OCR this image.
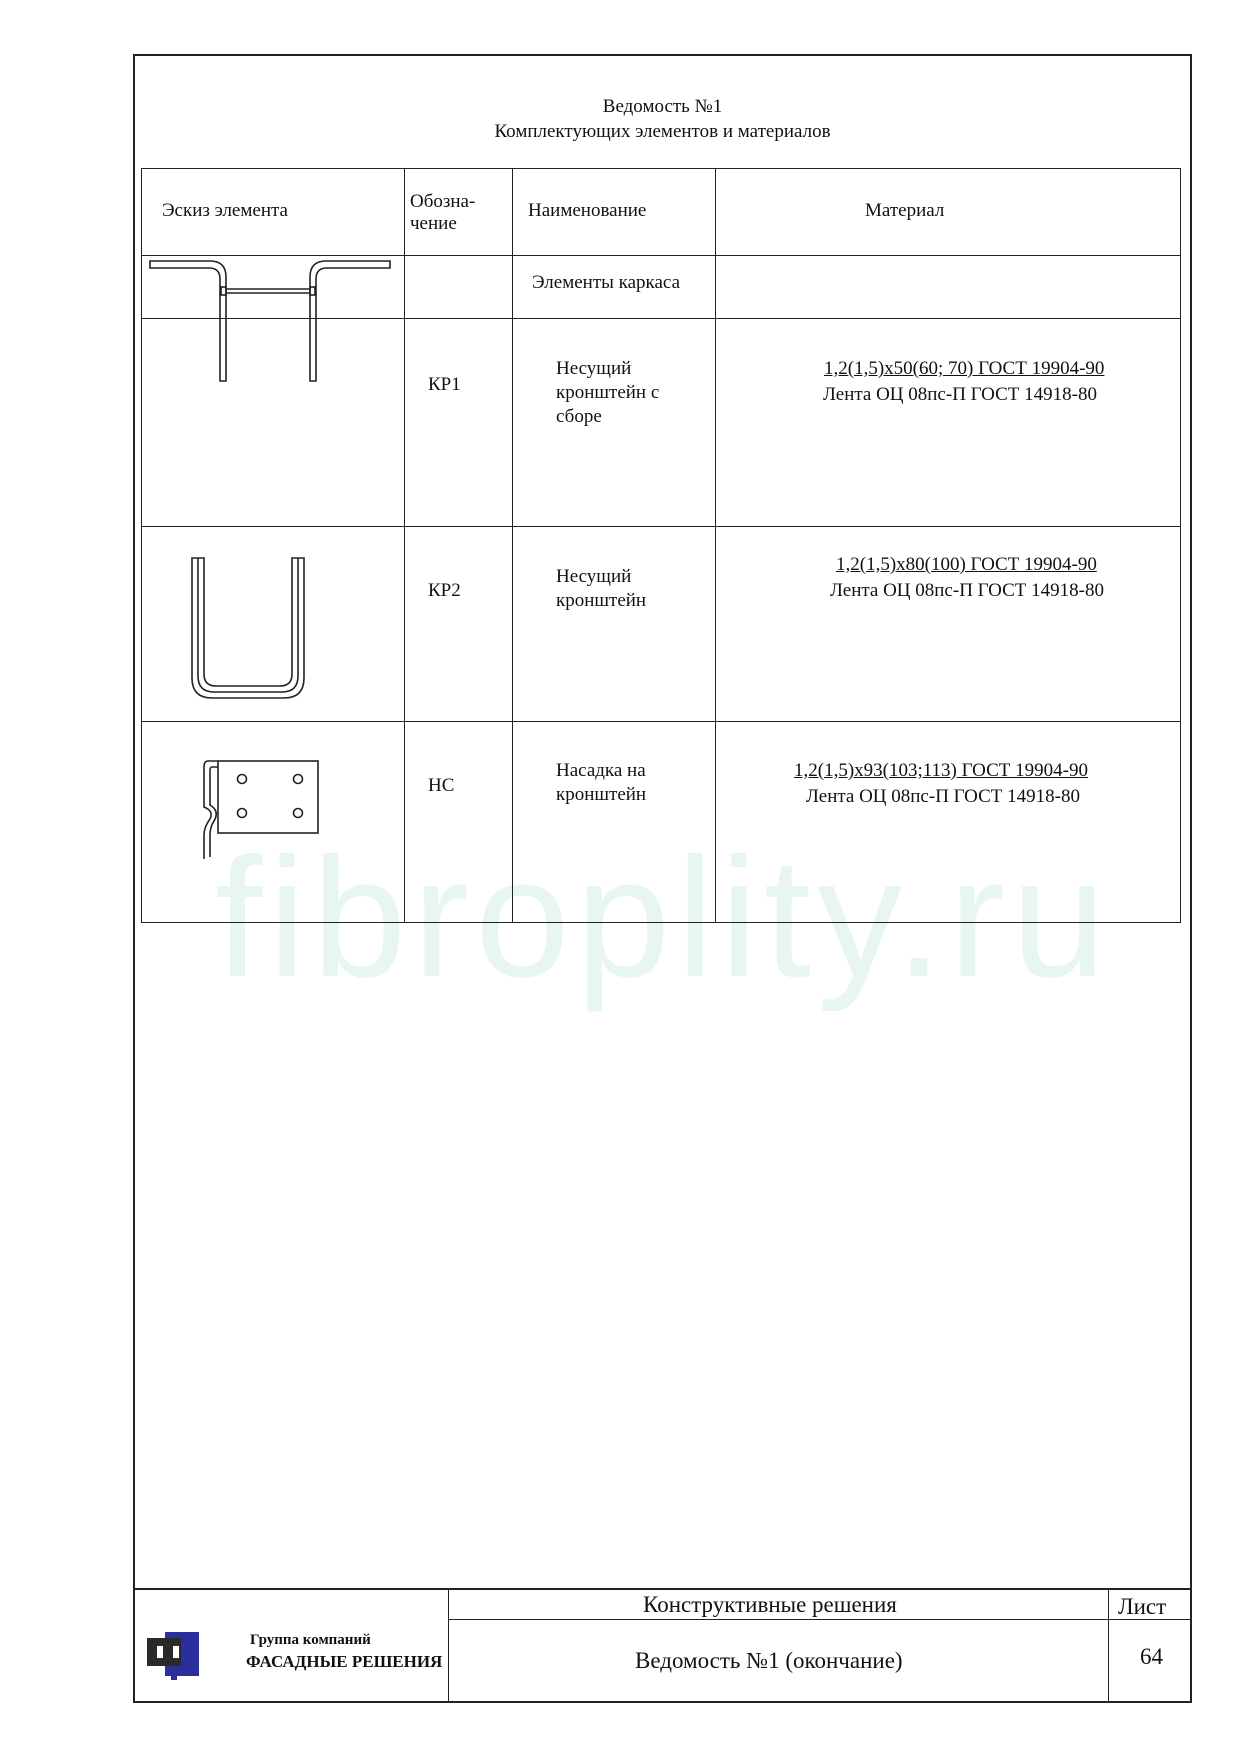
fibroplity.ru
Ведомость №1
Комплектующих элементов и материалов
Эскиз элемента	Обозна-
чение
Наименование	Материал
Элементы каркаса
КР1
Несущий
кронштейн с
сборе
1,2(1,5)х50(60; 70) ГОСТ 19904-90
Лента ОЦ 08пс-П ГОСТ 14918-80
КР2
Несущий
кронштейн
1,2(1,5)х80(100) ГОСТ 19904-90
Лента ОЦ 08пс-П ГОСТ 14918-80
НС
Насадка на
кронштейн
1,2(1,5)х93(103;113) ГОСТ 19904-90
Лента ОЦ 08пс-П ГОСТ 14918-80
Группа компаний
ФАСАДНЫЕ РЕШЕНИЯ
Конструктивные решения
Ведомость №1 (окончание)
Лист
64
